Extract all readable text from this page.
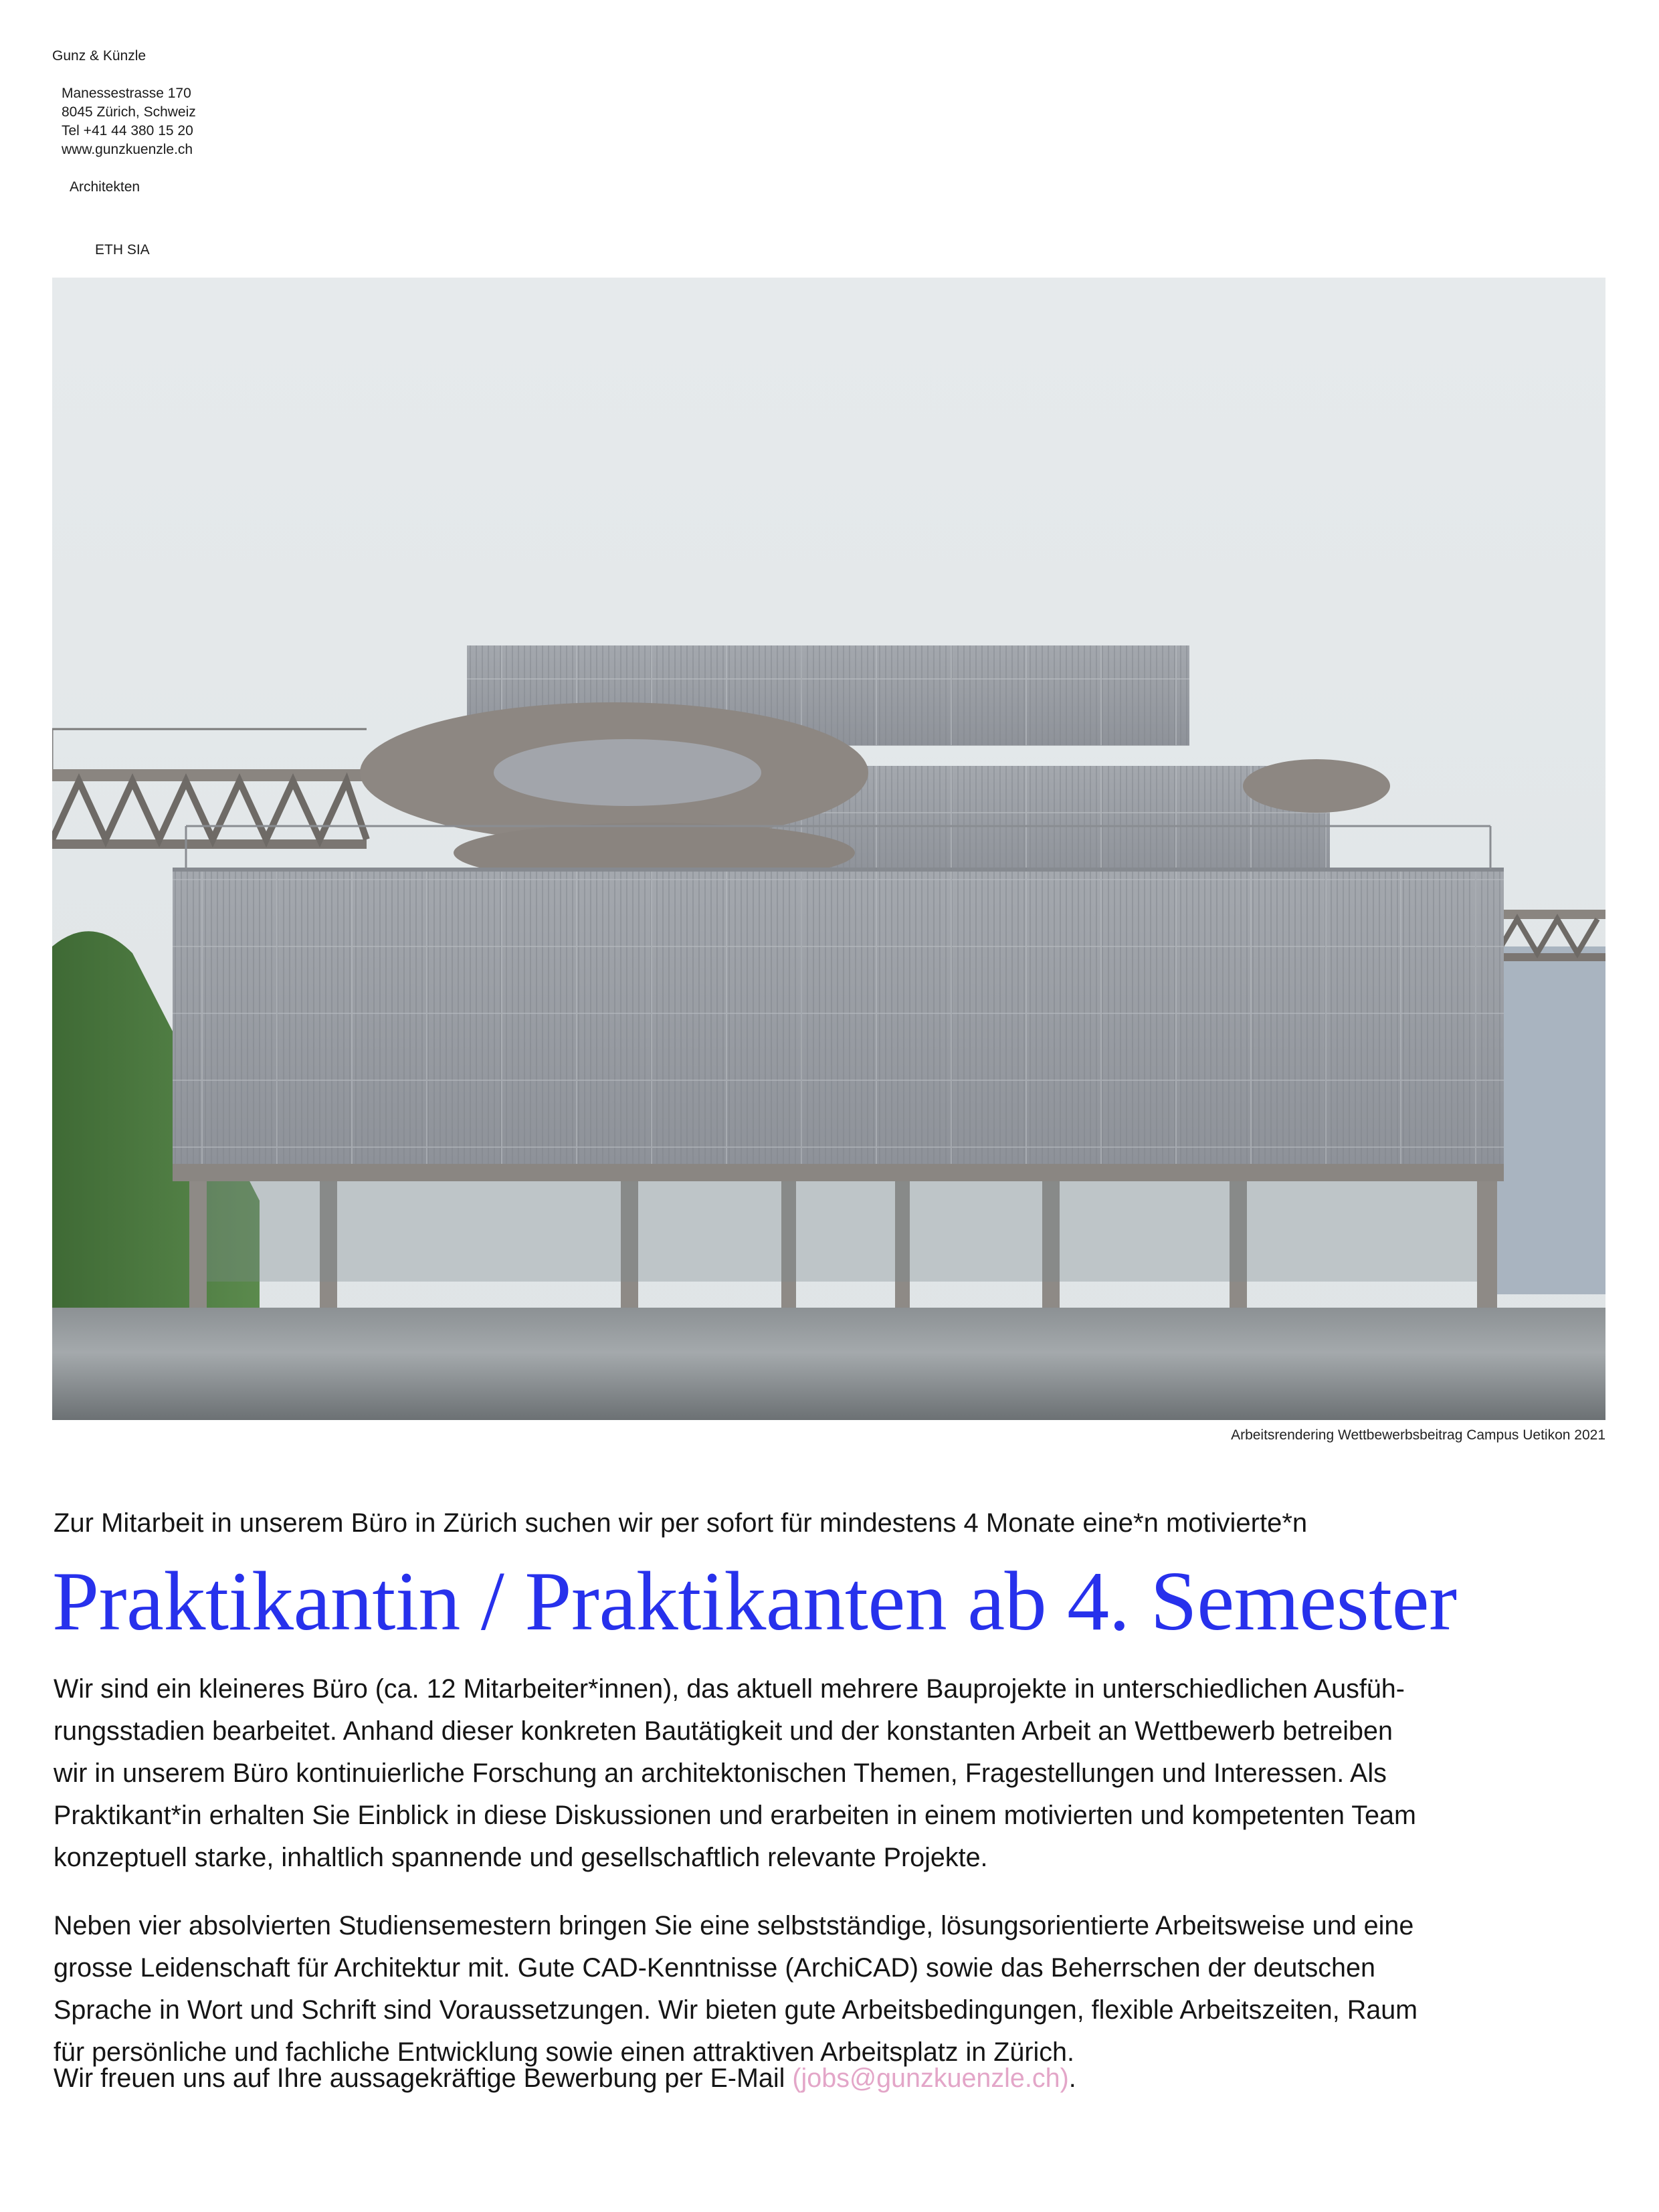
Gunz & Künzle
Manessestrasse 170
8045 Zürich, Schweiz
Tel +41 44 380 15 20
www.gunzkuenzle.ch
Architekten
ETH SIA
Arbeitsrendering Wettbewerbsbeitrag Campus Uetikon 2021
Zur Mitarbeit in unserem Büro in Zürich suchen wir per sofort für mindestens 4 Monate eine*n motivierte*n
Praktikantin / Praktikanten ab 4. Semester
Wir sind ein kleineres Büro (ca. 12 Mitarbeiter*innen), das aktuell mehrere Bauprojekte in unterschiedlichen Ausfüh-
rungsstadien bearbeitet. Anhand dieser konkreten Bautätigkeit und der konstanten Arbeit an Wettbewerb betreiben
wir in unserem Büro kontinuierliche Forschung an architektonischen Themen, Fragestellungen und Interessen. Als
Praktikant*in erhalten Sie Einblick in diese Diskussionen und erarbeiten in einem motivierten und kompetenten Team
konzeptuell starke, inhaltlich spannende und gesellschaftlich relevante Projekte.
Neben vier absolvierten Studiensemestern bringen Sie eine selbstständige, lösungsorientierte Arbeitsweise und eine
grosse Leidenschaft für Architektur mit. Gute CAD-Kenntnisse (ArchiCAD) sowie das Beherrschen der deutschen
Sprache in Wort und Schrift sind Voraussetzungen. Wir bieten gute Arbeitsbedingungen, flexible Arbeitszeiten, Raum
für persönliche und fachliche Entwicklung sowie einen attraktiven Arbeitsplatz in Zürich.
Wir freuen uns auf Ihre aussagekräftige Bewerbung per E-Mail (jobs@gunzkuenzle.ch).
